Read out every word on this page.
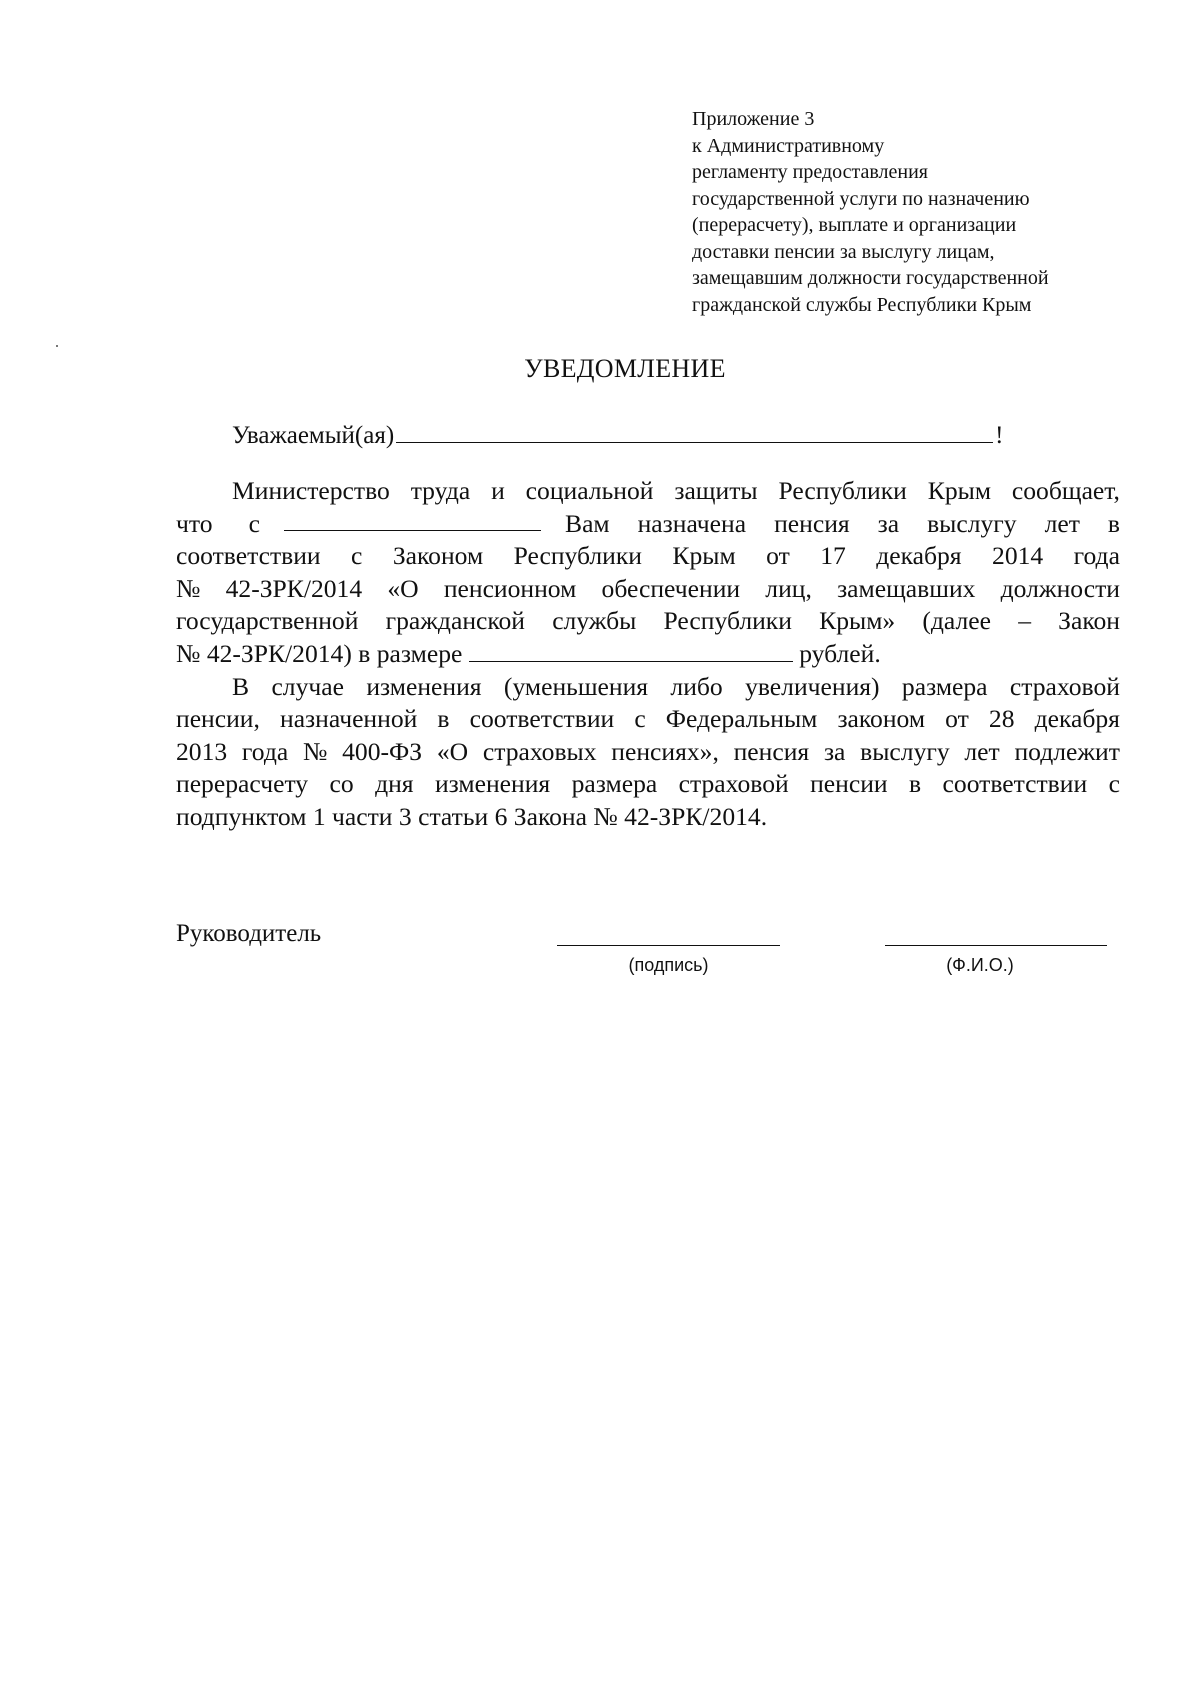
Приложение 3
к Административному
регламенту предоставления
государственной услуги по назначению
(перерасчету), выплате и организации
доставки пенсии за выслугу лицам,
замещавшим должности государственной
гражданской службы Республики Крым
УВЕДОМЛЕНИЕ
Уважаемый(ая)	!
Министерство труда и социальной защиты Республики Крым сообщает,
что с	Вам назначена пенсия за выслугу лет в
соответствии с Законом Республики Крым от 17 декабря 2014 года
№ 42-ЗРК/2014 «О пенсионном обеспечении лиц, замещавших должности
государственной гражданской службы Республики Крым» (далее – Закон
№ 42-ЗРК/2014) в размере	рублей.
В случае изменения (уменьшения либо увеличения) размера страховой
пенсии, назначенной в соответствии с Федеральным законом от 28 декабря
2013 года № 400-ФЗ «О страховых пенсиях», пенсия за выслугу лет подлежит
перерасчету со дня изменения размера страховой пенсии в соответствии с
подпунктом 1 части 3 статьи 6 Закона № 42-ЗРК/2014.
Руководитель
(подпись)	(Ф.И.О.)
